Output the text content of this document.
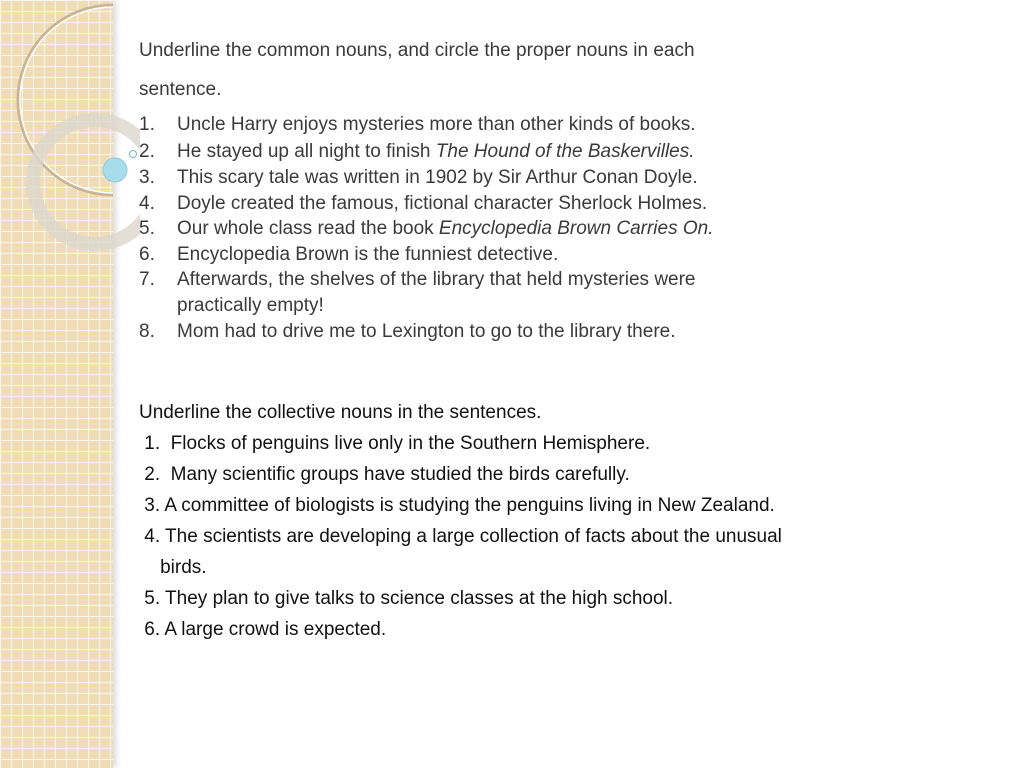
Underline the common nouns, and circle the proper nouns in each
sentence.
1. Uncle Harry enjoys mysteries more than other kinds of books.
2. He stayed up all night to finish The Hound of the Baskervilles.
3. This scary tale was written in 1902 by Sir Arthur Conan Doyle.
4. Doyle created the famous, fictional character Sherlock Holmes.
5. Our whole class read the book Encyclopedia Brown Carries On.
6. Encyclopedia Brown is the funniest detective.
7. Afterwards, the shelves of the library that held mysteries were
practically empty!
8. Mom had to drive me to Lexington to go to the library there.
Underline the collective nouns in the sentences.
1.  Flocks of penguins live only in the Southern Hemisphere.
2.  Many scientific groups have studied the birds carefully.
3. A committee of biologists is studying the penguins living in New Zealand.
4. The scientists are developing a large collection of facts about the unusual
birds.
5. They plan to give talks to science classes at the high school.
6. A large crowd is expected.
